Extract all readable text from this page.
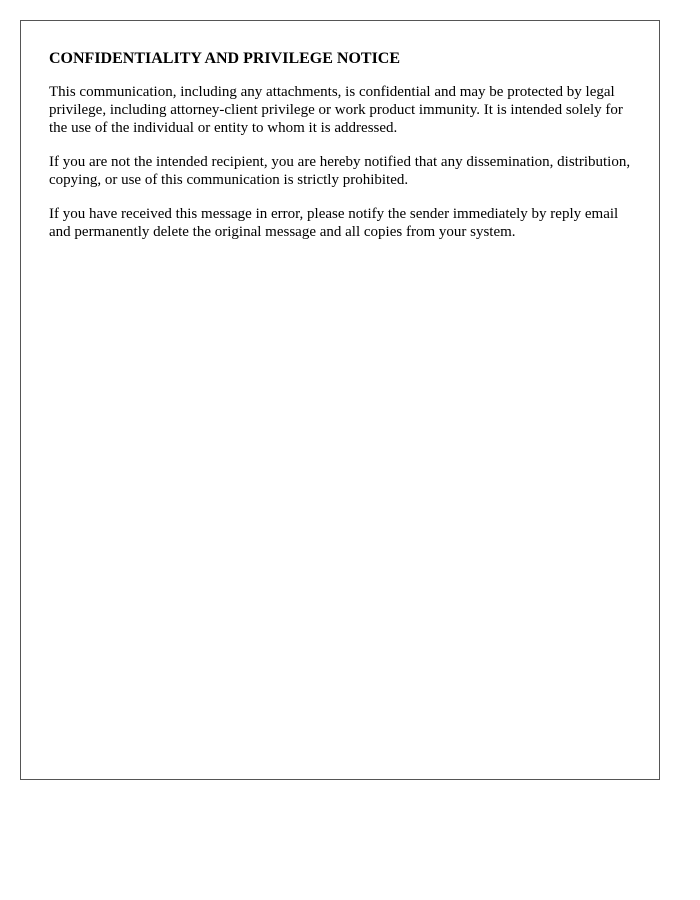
CONFIDENTIALITY AND PRIVILEGE NOTICE

This communication, including any attachments, is confidential and may be protected by legal privilege, including attorney-client privilege or work product immunity. It is intended solely for the use of the individual or entity to whom it is addressed.

If you are not the intended recipient, you are hereby notified that any dissemination, distribution, copying, or use of this communication is strictly prohibited.

If you have received this message in error, please notify the sender immediately by reply email and permanently delete the original message and all copies from your system.
